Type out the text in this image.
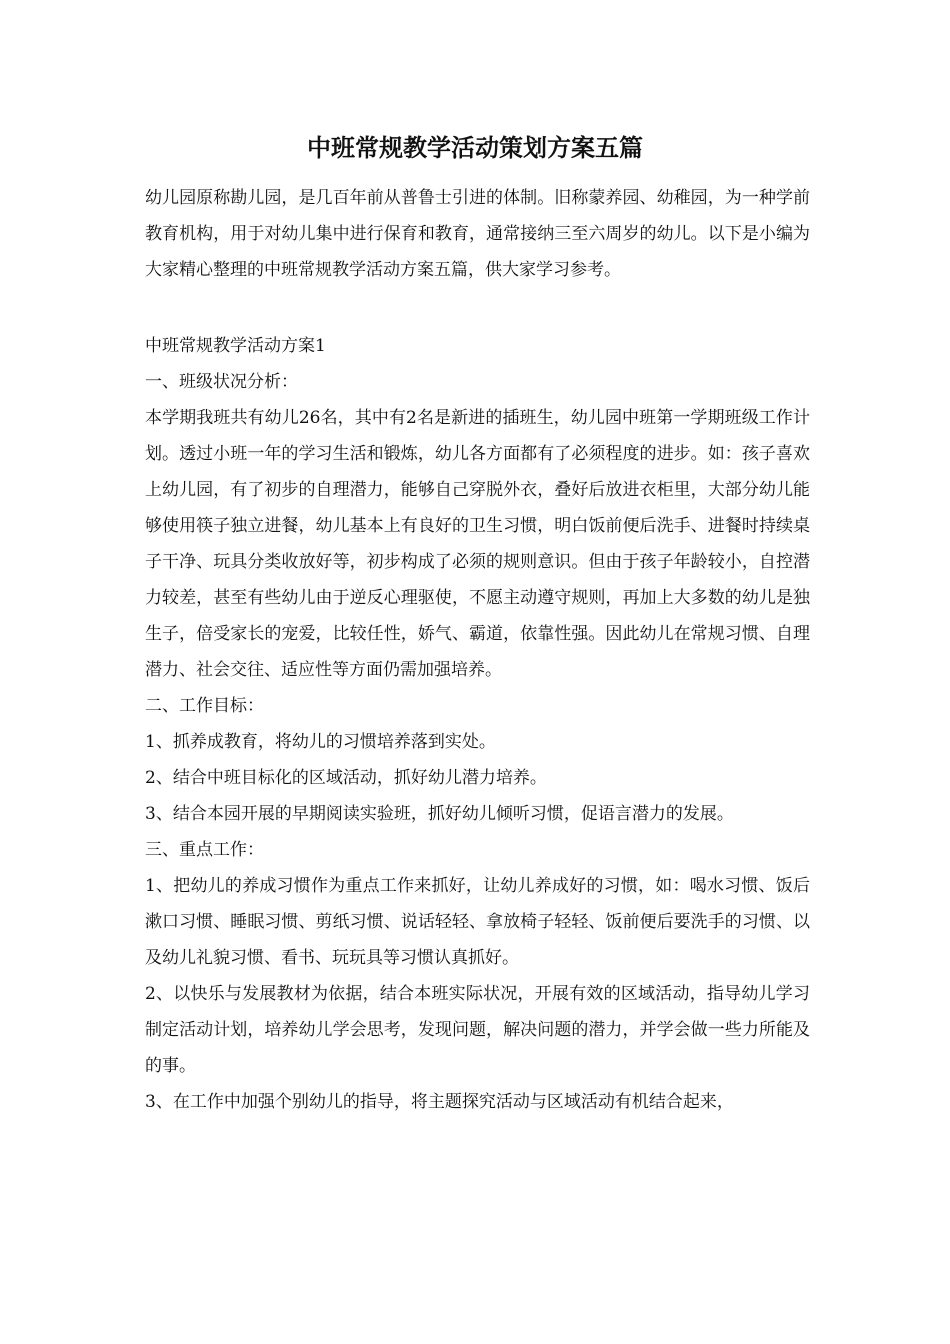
中班常规教学活动策划方案五篇

幼儿园原称勘儿园，是几百年前从普鲁士引进的体制。旧称蒙养园、幼稚园，为一种学前教育机构，用于对幼儿集中进行保育和教育，通常接纳三至六周岁的幼儿。以下是小编为大家精心整理的中班常规教学活动方案五篇，供大家学习参考。

中班常规教学活动方案1

一、班级状况分析：

本学期我班共有幼儿26名，其中有2名是新进的插班生，幼儿园中班第一学期班级工作计划。透过小班一年的学习生活和锻炼，幼儿各方面都有了必须程度的进步。如：孩子喜欢上幼儿园，有了初步的自理潜力，能够自己穿脱外衣，叠好后放进衣柜里，大部分幼儿能够使用筷子独立进餐，幼儿基本上有良好的卫生习惯，明白饭前便后洗手、进餐时持续桌子干净、玩具分类收放好等，初步构成了必须的规则意识。但由于孩子年龄较小，自控潜力较差，甚至有些幼儿由于逆反心理驱使，不愿主动遵守规则，再加上大多数的幼儿是独生子，倍受家长的宠爱，比较任性，娇气、霸道，依靠性强。因此幼儿在常规习惯、自理潜力、社会交往、适应性等方面仍需加强培养。

二、工作目标：

1、抓养成教育，将幼儿的习惯培养落到实处。

2、结合中班目标化的区域活动，抓好幼儿潜力培养。

3、结合本园开展的早期阅读实验班，抓好幼儿倾听习惯，促语言潜力的发展。

三、重点工作：

1、把幼儿的养成习惯作为重点工作来抓好，让幼儿养成好的习惯，如：喝水习惯、饭后漱口习惯、睡眠习惯、剪纸习惯、说话轻轻、拿放椅子轻轻、饭前便后要洗手的习惯、以及幼儿礼貌习惯、看书、玩玩具等习惯认真抓好。

2、以快乐与发展教材为依据，结合本班实际状况，开展有效的区域活动，指导幼儿学习制定活动计划，培养幼儿学会思考，发现问题，解决问题的潜力，并学会做一些力所能及的事。

3、在工作中加强个别幼儿的指导，将主题探究活动与区域活动有机结合起来，
